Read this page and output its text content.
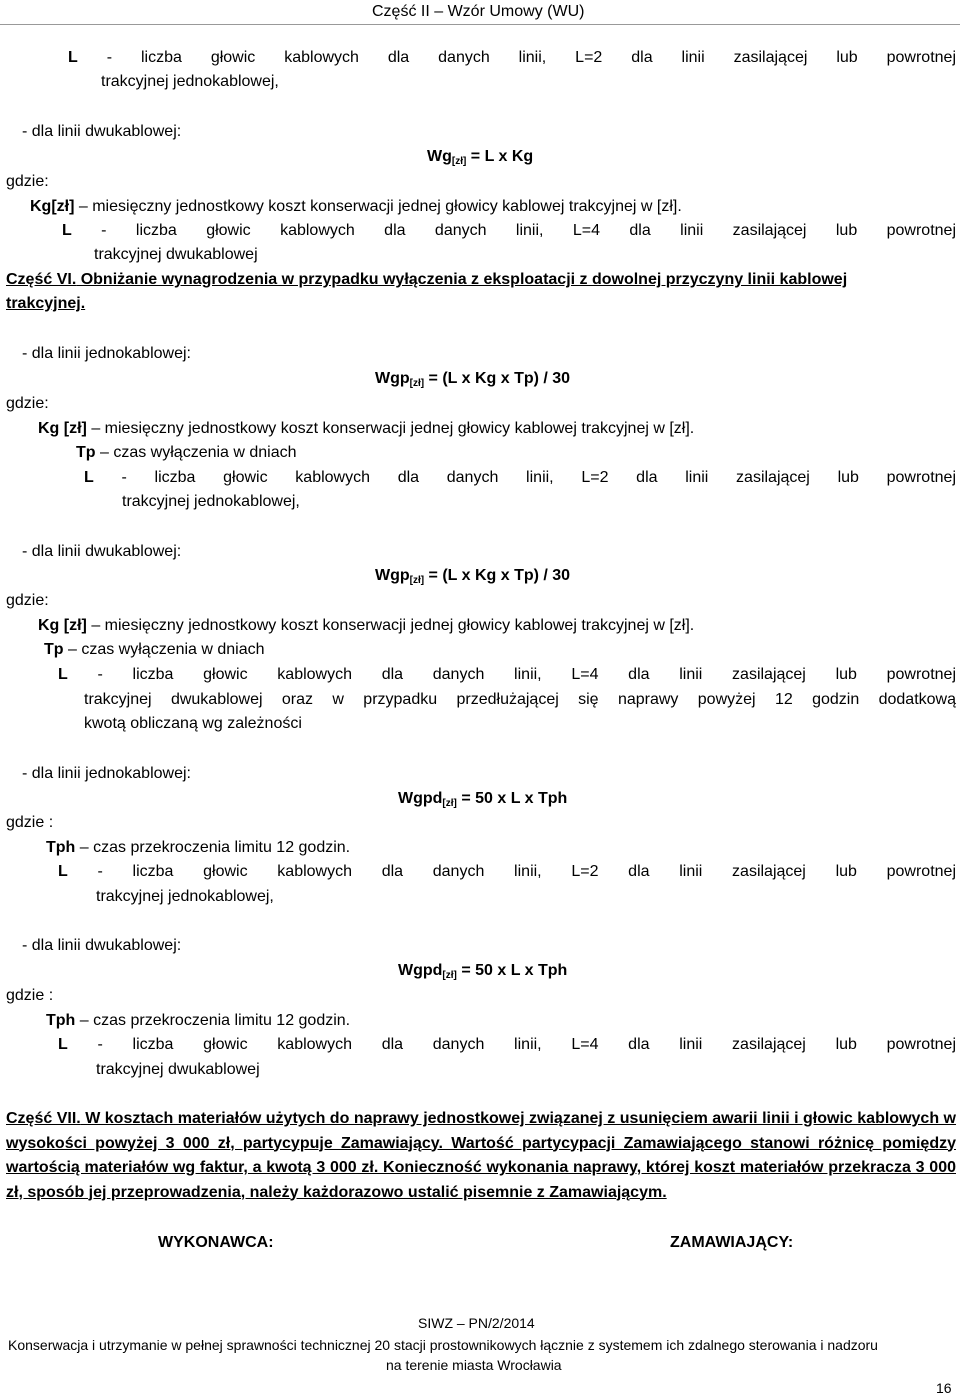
Część II – Wzór Umowy (WU)
L - liczba głowic kablowych dla danych linii, L=2 dla linii zasilającej lub powrotnej
trakcyjnej jednokablowej,
- dla linii dwukablowej:
$Wg_{[zł]} = L$ x Kg
gdzie:
Kg[zł] – miesięczny jednostkowy koszt konserwacji jednej głowicy kablowej trakcyjnej w [zł].
L - liczba głowic kablowych dla danych linii, L=4 dla linii zasilającej lub powrotnej
trakcyjnej dwukablowej
Część VI. Obniżanie wynagrodzenia w przypadku wyłączenia z eksploatacji z dowolnej przyczyny linii kablowej
trakcyjnej.
- dla linii jednokablowej:
Wgp$_{[zł]}$ = (L x Kg x Tp) / 30
gdzie:
Kg [zł] – miesięczny jednostkowy koszt konserwacji jednej głowicy kablowej trakcyjnej w [zł].
Tp – czas wyłączenia w dniach
L - liczba głowic kablowych dla danych linii, L=2 dla linii zasilającej lub powrotnej
trakcyjnej jednokablowej,
- dla linii dwukablowej:
Wgp$_{[zł]}$ = (L x Kg x Tp) / 30
gdzie:
Kg [zł] – miesięczny jednostkowy koszt konserwacji jednej głowicy kablowej trakcyjnej w [zł].
Tp – czas wyłączenia w dniach
L - liczba głowic kablowych dla danych linii, L=4 dla linii zasilającej lub powrotnej
trakcyjnej dwukablowej oraz w przypadku przedłużającej się naprawy powyżej 12 godzin dodatkową
kwotą obliczaną wg zależności
- dla linii jednokablowej:
Wgpd$_{[zł]}$ = 50 x L x Tph
gdzie :
Tph – czas przekroczenia limitu 12 godzin.
L - liczba głowic kablowych dla danych linii, L=2 dla linii zasilającej lub powrotnej
trakcyjnej jednokablowej,
- dla linii dwukablowej:
Wgpd$_{[zł]}$ = 50 x L x Tph
gdzie :
Tph – czas przekroczenia limitu 12 godzin.
L - liczba głowic kablowych dla danych linii, L=4 dla linii zasilającej lub powrotnej
trakcyjnej dwukablowej
Część VII. W kosztach materiałów użytych do naprawy jednostkowej związanej z usunięciem awarii linii i głowic kablowych w wysokości powyżej 3 000 zł, partycypuje Zamawiający. Wartość partycypacji Zamawiającego stanowi różnicę pomiędzy wartością materiałów wg faktur, a kwotą 3 000 zł. Konieczność wykonania naprawy, której koszt materiałów przekracza 3 000 zł, sposób jej przeprowadzenia, należy każdorazowo ustalić pisemnie z Zamawiającym.
WYKONAWCA:	ZAMAWIAJĄCY:
SIWZ – PN/2/2014
Konserwacja i utrzymanie w pełnej sprawności technicznej 20 stacji prostownikowych łącznie z systemem ich zdalnego sterowania i nadzoru
na terenie miasta Wrocławia
16
